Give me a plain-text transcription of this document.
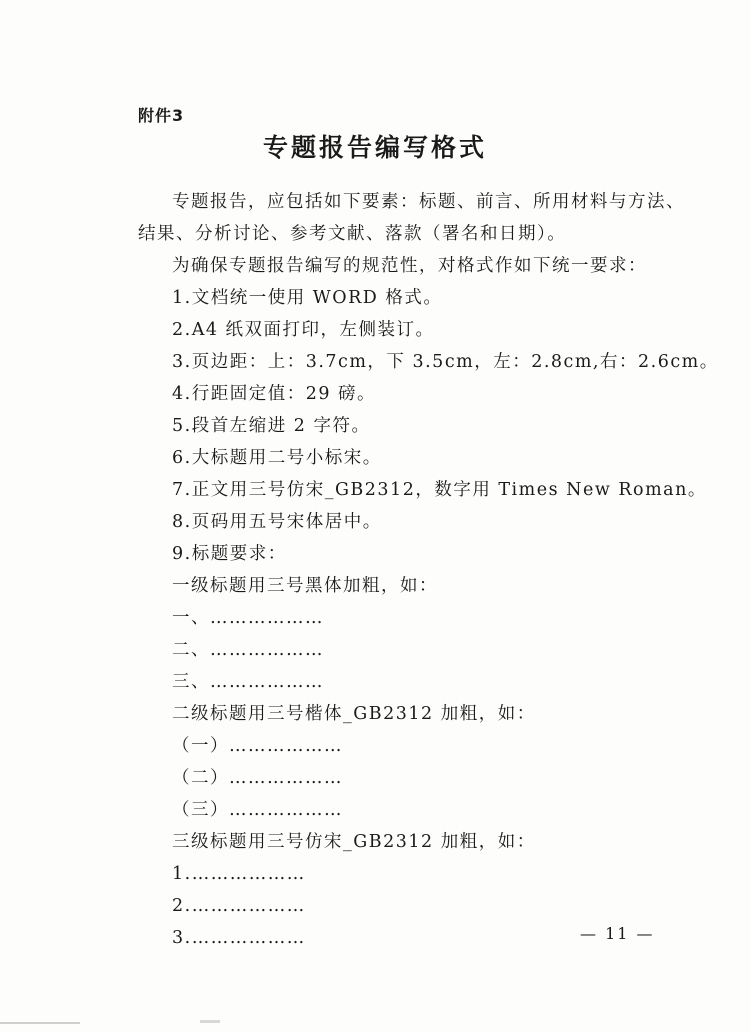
附件3
专题报告编写格式
专题报告，应包括如下要素：标题、前言、所用材料与方法、
结果、分析讨论、参考文献、落款（署名和日期）。
为确保专题报告编写的规范性，对格式作如下统一要求：
1.文档统一使用 WORD 格式。
2.A4 纸双面打印，左侧装订。
3.页边距：上：3.7cm，下 3.5cm，左：2.8cm,右：2.6cm。
4.行距固定值：29 磅。
5.段首左缩进 2 字符。
6.大标题用二号小标宋。
7.正文用三号仿宋_GB2312，数字用 Times New Roman。
8.页码用五号宋体居中。
9.标题要求：
一级标题用三号黑体加粗，如：
一、………………
二、………………
三、………………
二级标题用三号楷体_GB2312 加粗，如：
（一）………………
（二）………………
（三）………………
三级标题用三号仿宋_GB2312 加粗，如：
1.………………
2.………………
3.………………	— 11 —
